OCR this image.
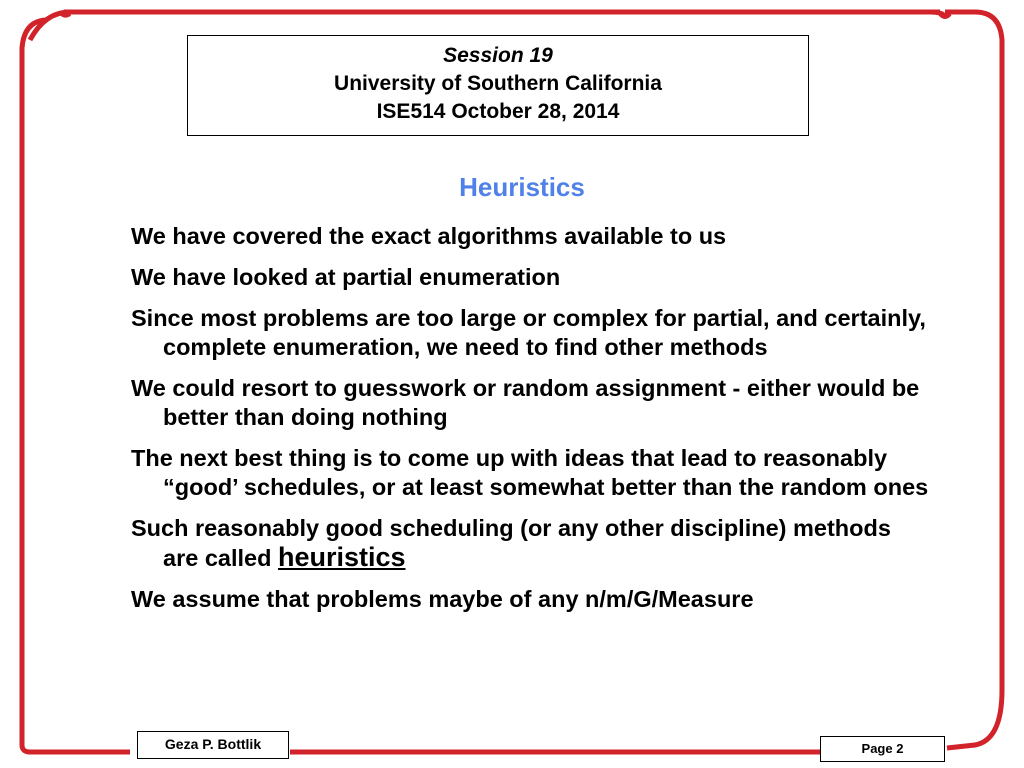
Session 19
University of Southern California
ISE514 October 28, 2014
Heuristics
We have covered the exact algorithms available to us
We have looked at partial enumeration
Since most problems are too large or complex for partial, and certainly, complete enumeration, we need to find other methods
We could resort to guesswork or random assignment - either would be better than doing nothing
The next best thing is to come up with ideas that lead to reasonably “good’ schedules, or at least somewhat better than the random ones
Such reasonably good scheduling (or any other discipline) methods are called heuristics
We assume that problems maybe of any n/m/G/Measure
Geza P. Bottlik	Page 2
